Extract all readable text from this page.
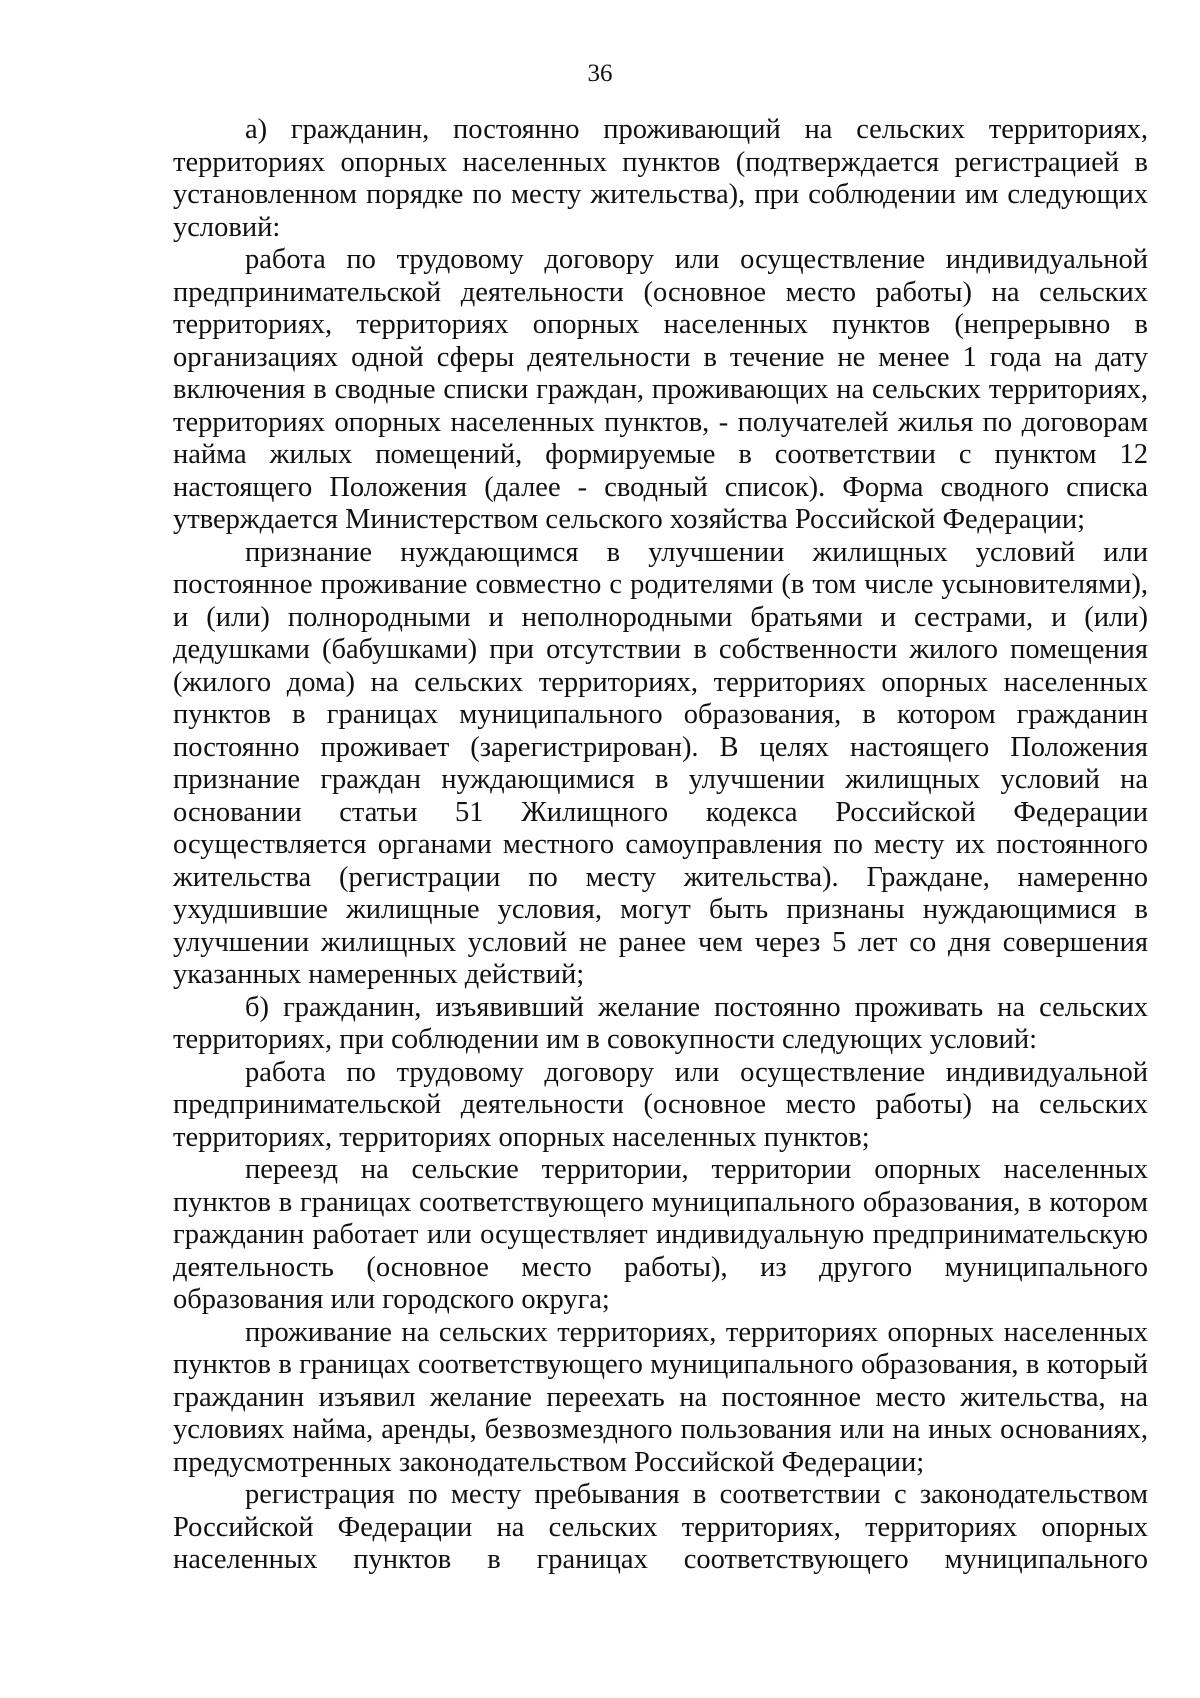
36

а) гражданин, постоянно проживающий на сельских территориях, территориях опорных населенных пунктов (подтверждается регистрацией в установленном порядке по месту жительства), при соблюдении им следующих условий:

работа по трудовому договору или осуществление индивидуальной предпринимательской деятельности (основное место работы) на сельских территориях, территориях опорных населенных пунктов (непрерывно в организациях одной сферы деятельности в течение не менее 1 года на дату включения в сводные списки граждан, проживающих на сельских территориях, территориях опорных населенных пунктов, - получателей жилья по договорам найма жилых помещений, формируемые в соответствии с пунктом 12 настоящего Положения (далее - сводный список). Форма сводного списка утверждается Министерством сельского хозяйства Российской Федерации;

признание нуждающимся в улучшении жилищных условий или постоянное проживание совместно с родителями (в том числе усыновителями), и (или) полнородными и неполнородными братьями и сестрами, и (или) дедушками (бабушками) при отсутствии в собственности жилого помещения (жилого дома) на сельских территориях, территориях опорных населенных пунктов в границах муниципального образования, в котором гражданин постоянно проживает (зарегистрирован). В целях настоящего Положения признание граждан нуждающимися в улучшении жилищных условий на основании статьи 51 Жилищного кодекса Российской Федерации осуществляется органами местного самоуправления по месту их постоянного жительства (регистрации по месту жительства). Граждане, намеренно ухудшившие жилищные условия, могут быть признаны нуждающимися в улучшении жилищных условий не ранее чем через 5 лет со дня совершения указанных намеренных действий;

б) гражданин, изъявивший желание постоянно проживать на сельских территориях, при соблюдении им в совокупности следующих условий:

работа по трудовому договору или осуществление индивидуальной предпринимательской деятельности (основное место работы) на сельских территориях, территориях опорных населенных пунктов;

переезд на сельские территории, территории опорных населенных пунктов в границах соответствующего муниципального образования, в котором гражданин работает или осуществляет индивидуальную предпринимательскую деятельность (основное место работы), из другого муниципального образования или городского округа;

проживание на сельских территориях, территориях опорных населенных пунктов в границах соответствующего муниципального образования, в который гражданин изъявил желание переехать на постоянное место жительства, на условиях найма, аренды, безвозмездного пользования или на иных основаниях, предусмотренных законодательством Российской Федерации;

регистрация по месту пребывания в соответствии с законодательством Российской Федерации на сельских территориях, территориях опорных населенных пунктов в границах соответствующего муниципального
